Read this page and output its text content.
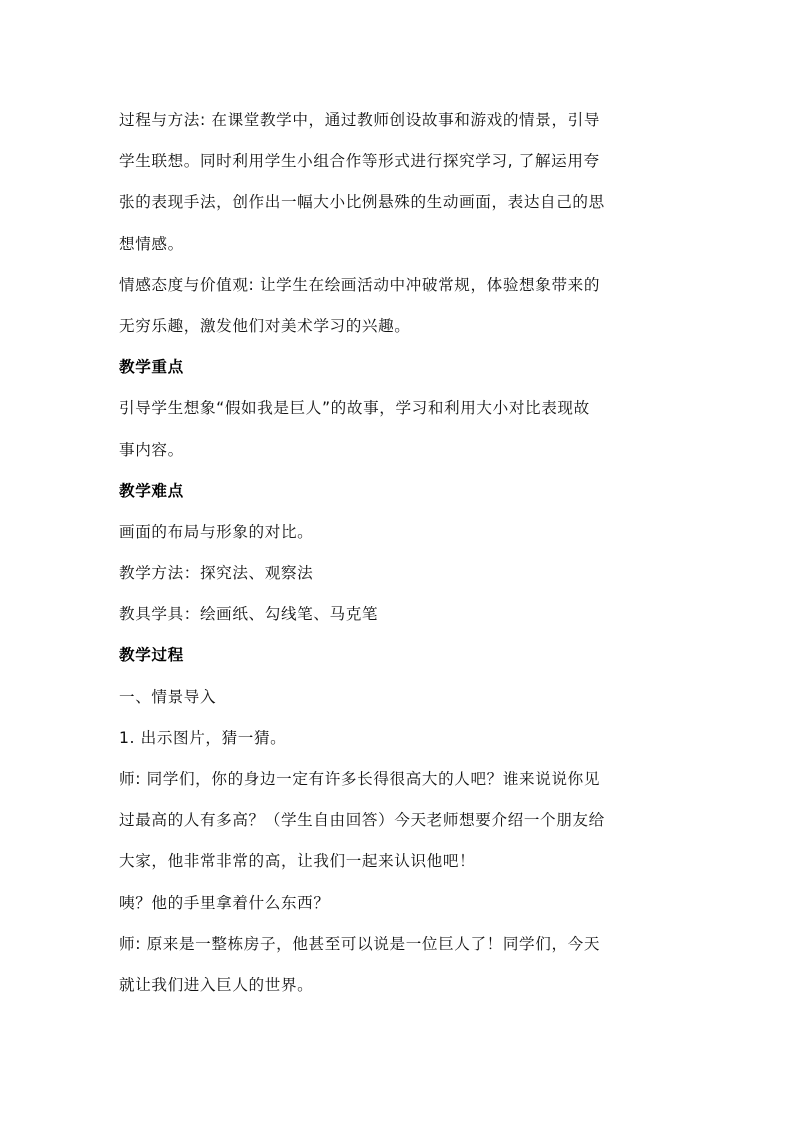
过程与方法: 在课堂教学中，通过教师创设故事和游戏的情景，引导
学生联想。同时利用学生小组合作等形式进行探究学习, 了解运用夸
张的表现手法，创作出一幅大小比例悬殊的生动画面，表达自己的思
想情感。
情感态度与价值观: 让学生在绘画活动中冲破常规，体验想象带来的
无穷乐趣，激发他们对美术学习的兴趣。
教学重点
引导学生想象“假如我是巨人”的故事，学习和利用大小对比表现故
事内容。
教学难点
画面的布局与形象的对比。
教学方法：探究法、观察法
教具学具：绘画纸、勾线笔、马克笔
教学过程
一、情景导入
1. 出示图片，猜一猜。
师: 同学们，你的身边一定有许多长得很高大的人吧？谁来说说你见
过最高的人有多高？（学生自由回答）今天老师想要介绍一个朋友给
大家，他非常非常的高，让我们一起来认识他吧！
咦？他的手里拿着什么东西？
师: 原来是一整栋房子，他甚至可以说是一位巨人了！同学们，今天
就让我们进入巨人的世界。
